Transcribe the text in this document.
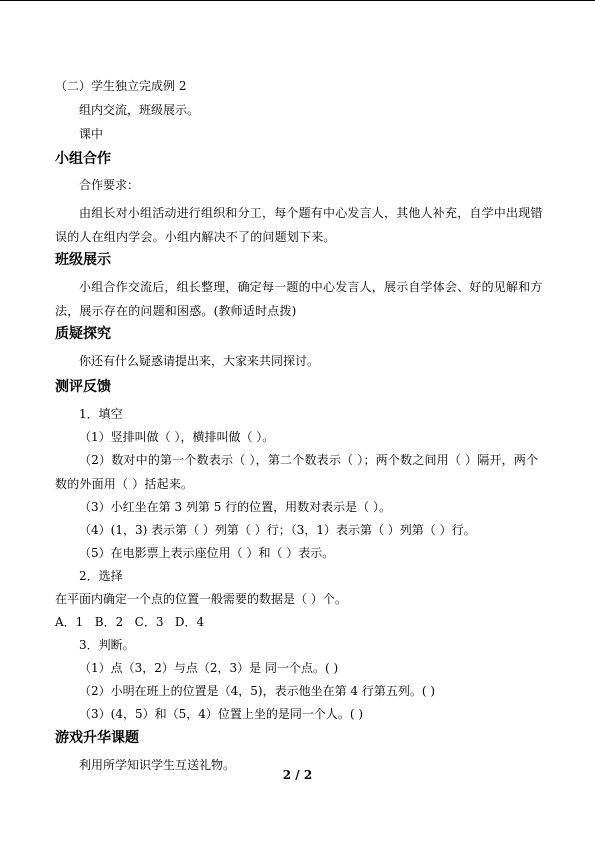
（二）学生独立完成例 2

组内交流，班级展示。

课中

小组合作

合作要求：

由组长对小组活动进行组织和分工，每个题有中心发言人，其他人补充，自学中出现错误的人在组内学会。小组内解决不了的问题划下来。

班级展示

小组合作交流后，组长整理，确定每一题的中心发言人，展示自学体会、好的见解和方法，展示存在的问题和困惑。(教师适时点拨)

质疑探究

你还有什么疑惑请提出来，大家来共同探讨。

测评反馈

1．填空

（1）竖排叫做（ ），横排叫做（ ）。

（2）数对中的第一个数表示（ ），第二个数表示（ ）；两个数之间用（ ）隔开，两个数的外面用（ ）括起来。

（3）小红坐在第 3 列第 5 行的位置，用数对表示是（ ）。

（4）(1，3) 表示第（ ）列第（ ）行；（3，1）表示第（ ）列第（ ）行。

（5）在电影票上表示座位用（ ）和（ ）表示。

2．选择

在平面内确定一个点的位置一般需要的数据是（ ）个。

A．1   B．2   C．3   D．4

3．判断。

（1）点（3，2）与点（2，3）是 同一个点。( )

（2）小明在班上的位置是（4，5)，表示他坐在第 4 行第五列。( )

（3）(4，5）和（5，4）位置上坐的是同一个人。( )

游戏升华课题

利用所学知识学生互送礼物。

2 / 2
